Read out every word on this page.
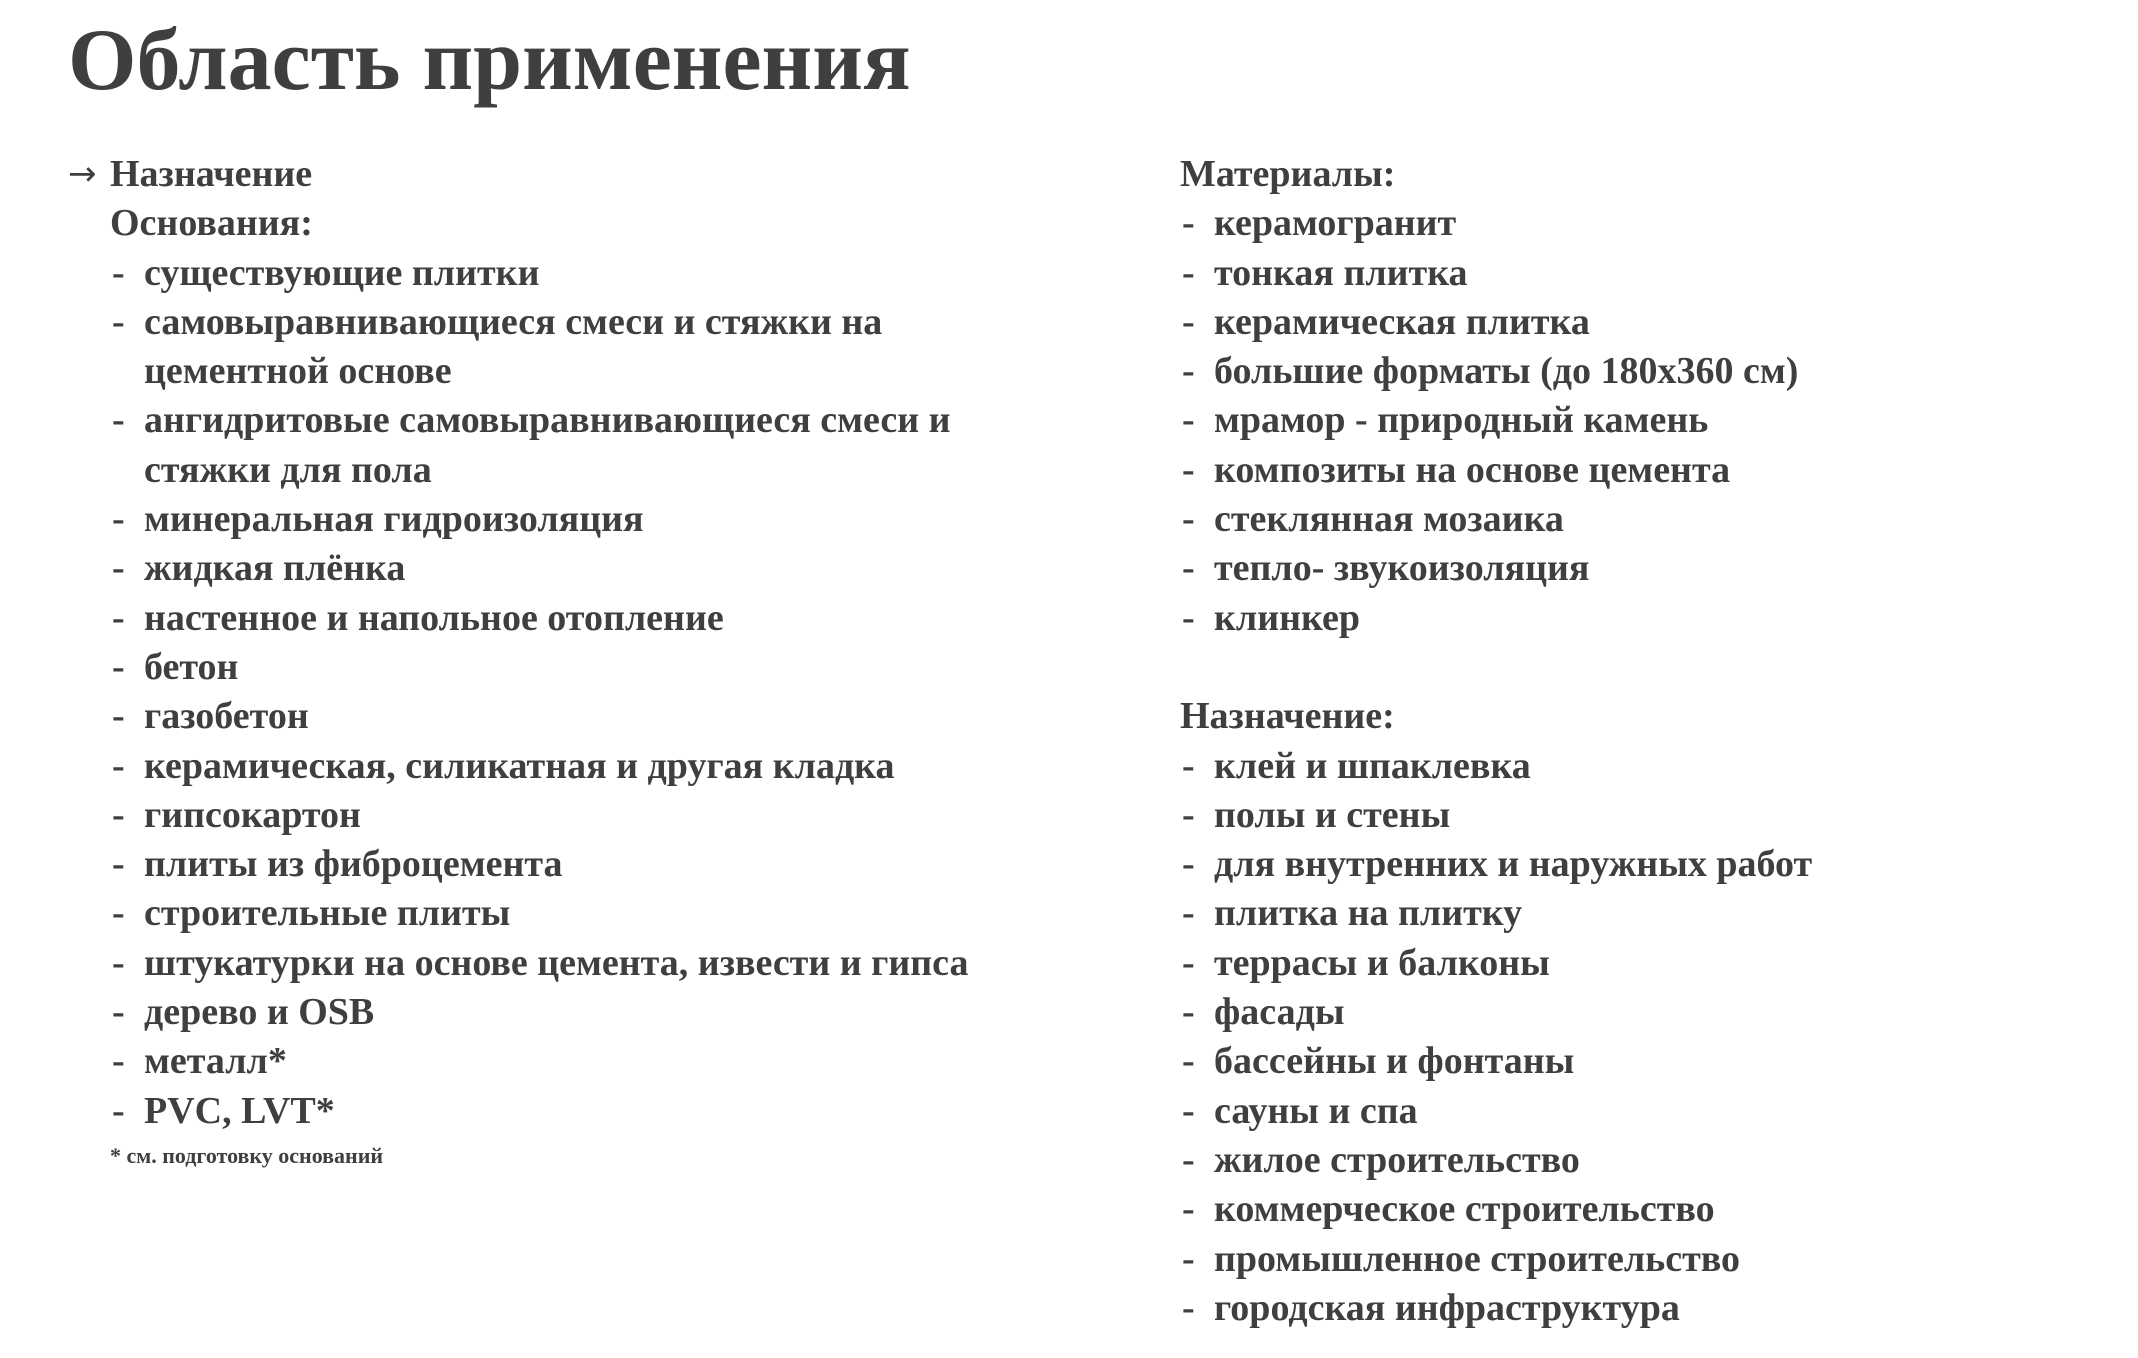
Область применения
→ Назначение
Основания:
- существующие плитки
- самовыравнивающиеся смеси и стяжки на
цементной основе
- ангидритовые самовыравнивающиеся смеси и
стяжки для пола
- минеральная гидроизоляция
- жидкая плёнка
- настенное и напольное отопление
- бетон
- газобетон
- керамическая, силикатная и другая кладка
- гипсокартон
- плиты из фиброцемента
- строительные плиты
- штукатурки на основе цемента, извести и гипса
- дерево и OSB
- металл*
- PVC, LVT*
* см. подготовку оснований
Материалы:
- керамогранит
- тонкая плитка
- керамическая плитка
- большие форматы (до 180x360 см)
- мрамор - природный камень
- композиты на основе цемента
- стеклянная мозаика
- тепло- звукоизоляция
- клинкер
Назначение:
- клей и шпаклевка
- полы и стены
- для внутренних и наружных работ
- плитка на плитку
- террасы и балконы
- фасады
- бассейны и фонтаны
- сауны и спа
- жилое строительство
- коммерческое строительство
- промышленное строительство
- городская инфраструктура
